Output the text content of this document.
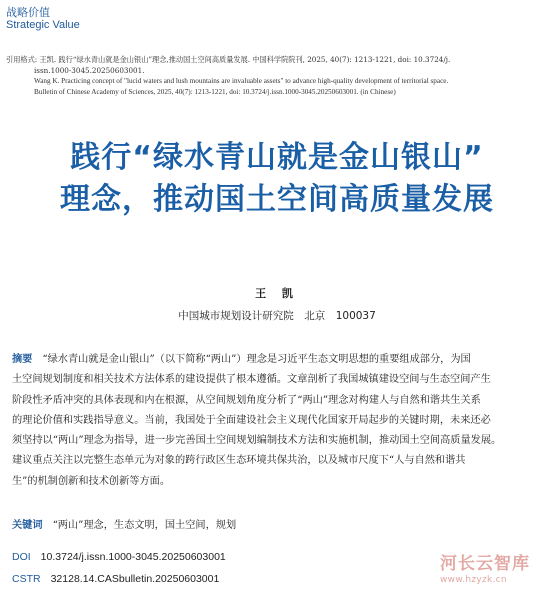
战略价值
Strategic Value
引用格式: 王凯. 践行“绿水青山就是金山银山”理念,推动国土空间高质量发展. 中国科学院院刊, 2025, 40(7): 1213-1221, doi: 10.3724/j.
issn.1000-3045.20250603001.
Wang K. Practicing concept of "lucid waters and lush mountains are invaluable assets" to advance high-quality development of territorial space.
Bulletin of Chinese Academy of Sciences, 2025, 40(7): 1213-1221, doi: 10.3724/j.issn.1000-3045.20250603001. (in Chinese)
践行“绿水青山就是金山银山”
理念，推动国土空间高质量发展
王 凯
中国城市规划设计研究院　北京　100037
摘要 “绿水青山就是金山银山”（以下简称“两山”）理念是习近平生态文明思想的重要组成部分，为国
土空间规划制度和相关技术方法体系的建设提供了根本遵循。文章剖析了我国城镇建设空间与生态空间产生
阶段性矛盾冲突的具体表现和内在根源，从空间规划角度分析了“两山”理念对构建人与自然和谐共生关系
的理论价值和实践指导意义。当前，我国处于全面建设社会主义现代化国家开局起步的关键时期，未来还必
须坚持以“两山”理念为指导，进一步完善国土空间规划编制技术方法和实施机制，推动国土空间高质量发展。
建议重点关注以完整生态单元为对象的跨行政区生态环境共保共治，以及城市尺度下“人与自然和谐共
生”的机制创新和技术创新等方面。
关键词 “两山”理念，生态文明，国土空间，规划
DOI 10.3724/j.issn.1000-3045.20250603001
CSTR 32128.14.CASbulletin.20250603001
河长云智库
www.hzyzk.cn
